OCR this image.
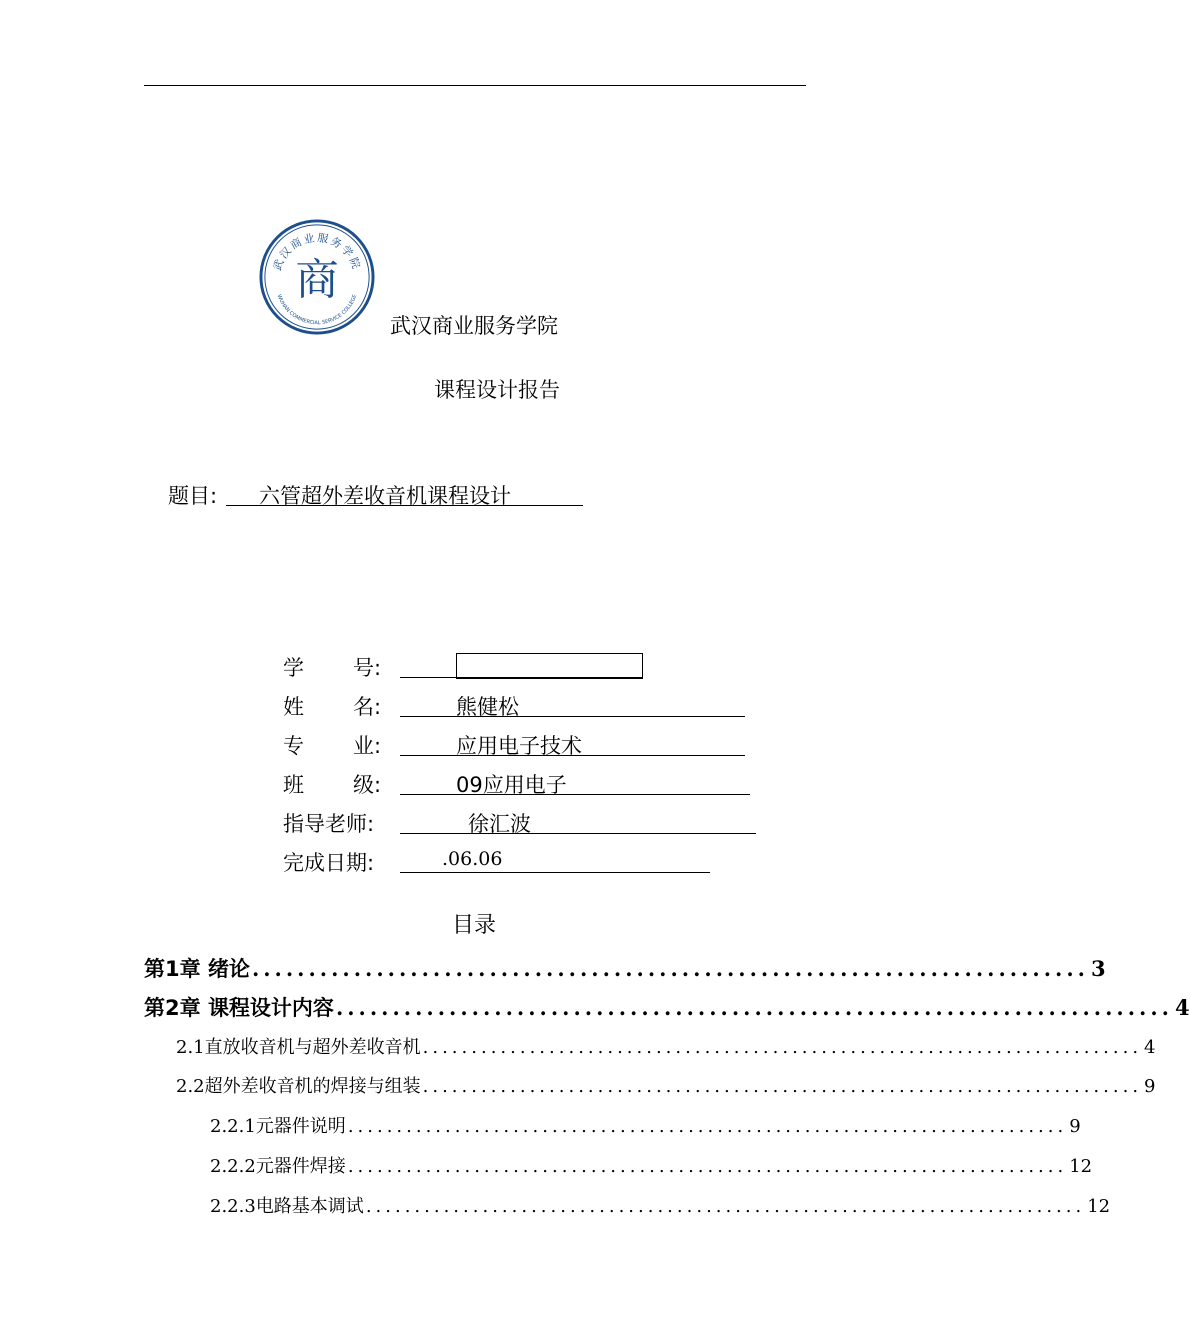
武汉商业服务学院
WUHAN COMMERCIAL SERVICE COLLEGE
商
武汉商业服务学院
课程设计报告
题目: 六管超外差收音机课程设计
学 号:
姓 名:	熊健松
专 业:	应用电子技术
班 级:	09应用电子
指导老师:	徐汇波
完成日期:	.06.06
目录
第1章 绪论 .......................................................................... 3
第2章 课程设计内容 .......................................................................... 4
2.1直放收音机与超外差收音机 .......................................................................... 4
2.2超外差收音机的焊接与组装 .......................................................................... 9
2.2.1元器件说明 .......................................................................... 9
2.2.2元器件焊接 .......................................................................... 12
2.2.3电路基本调试 .......................................................................... 12
